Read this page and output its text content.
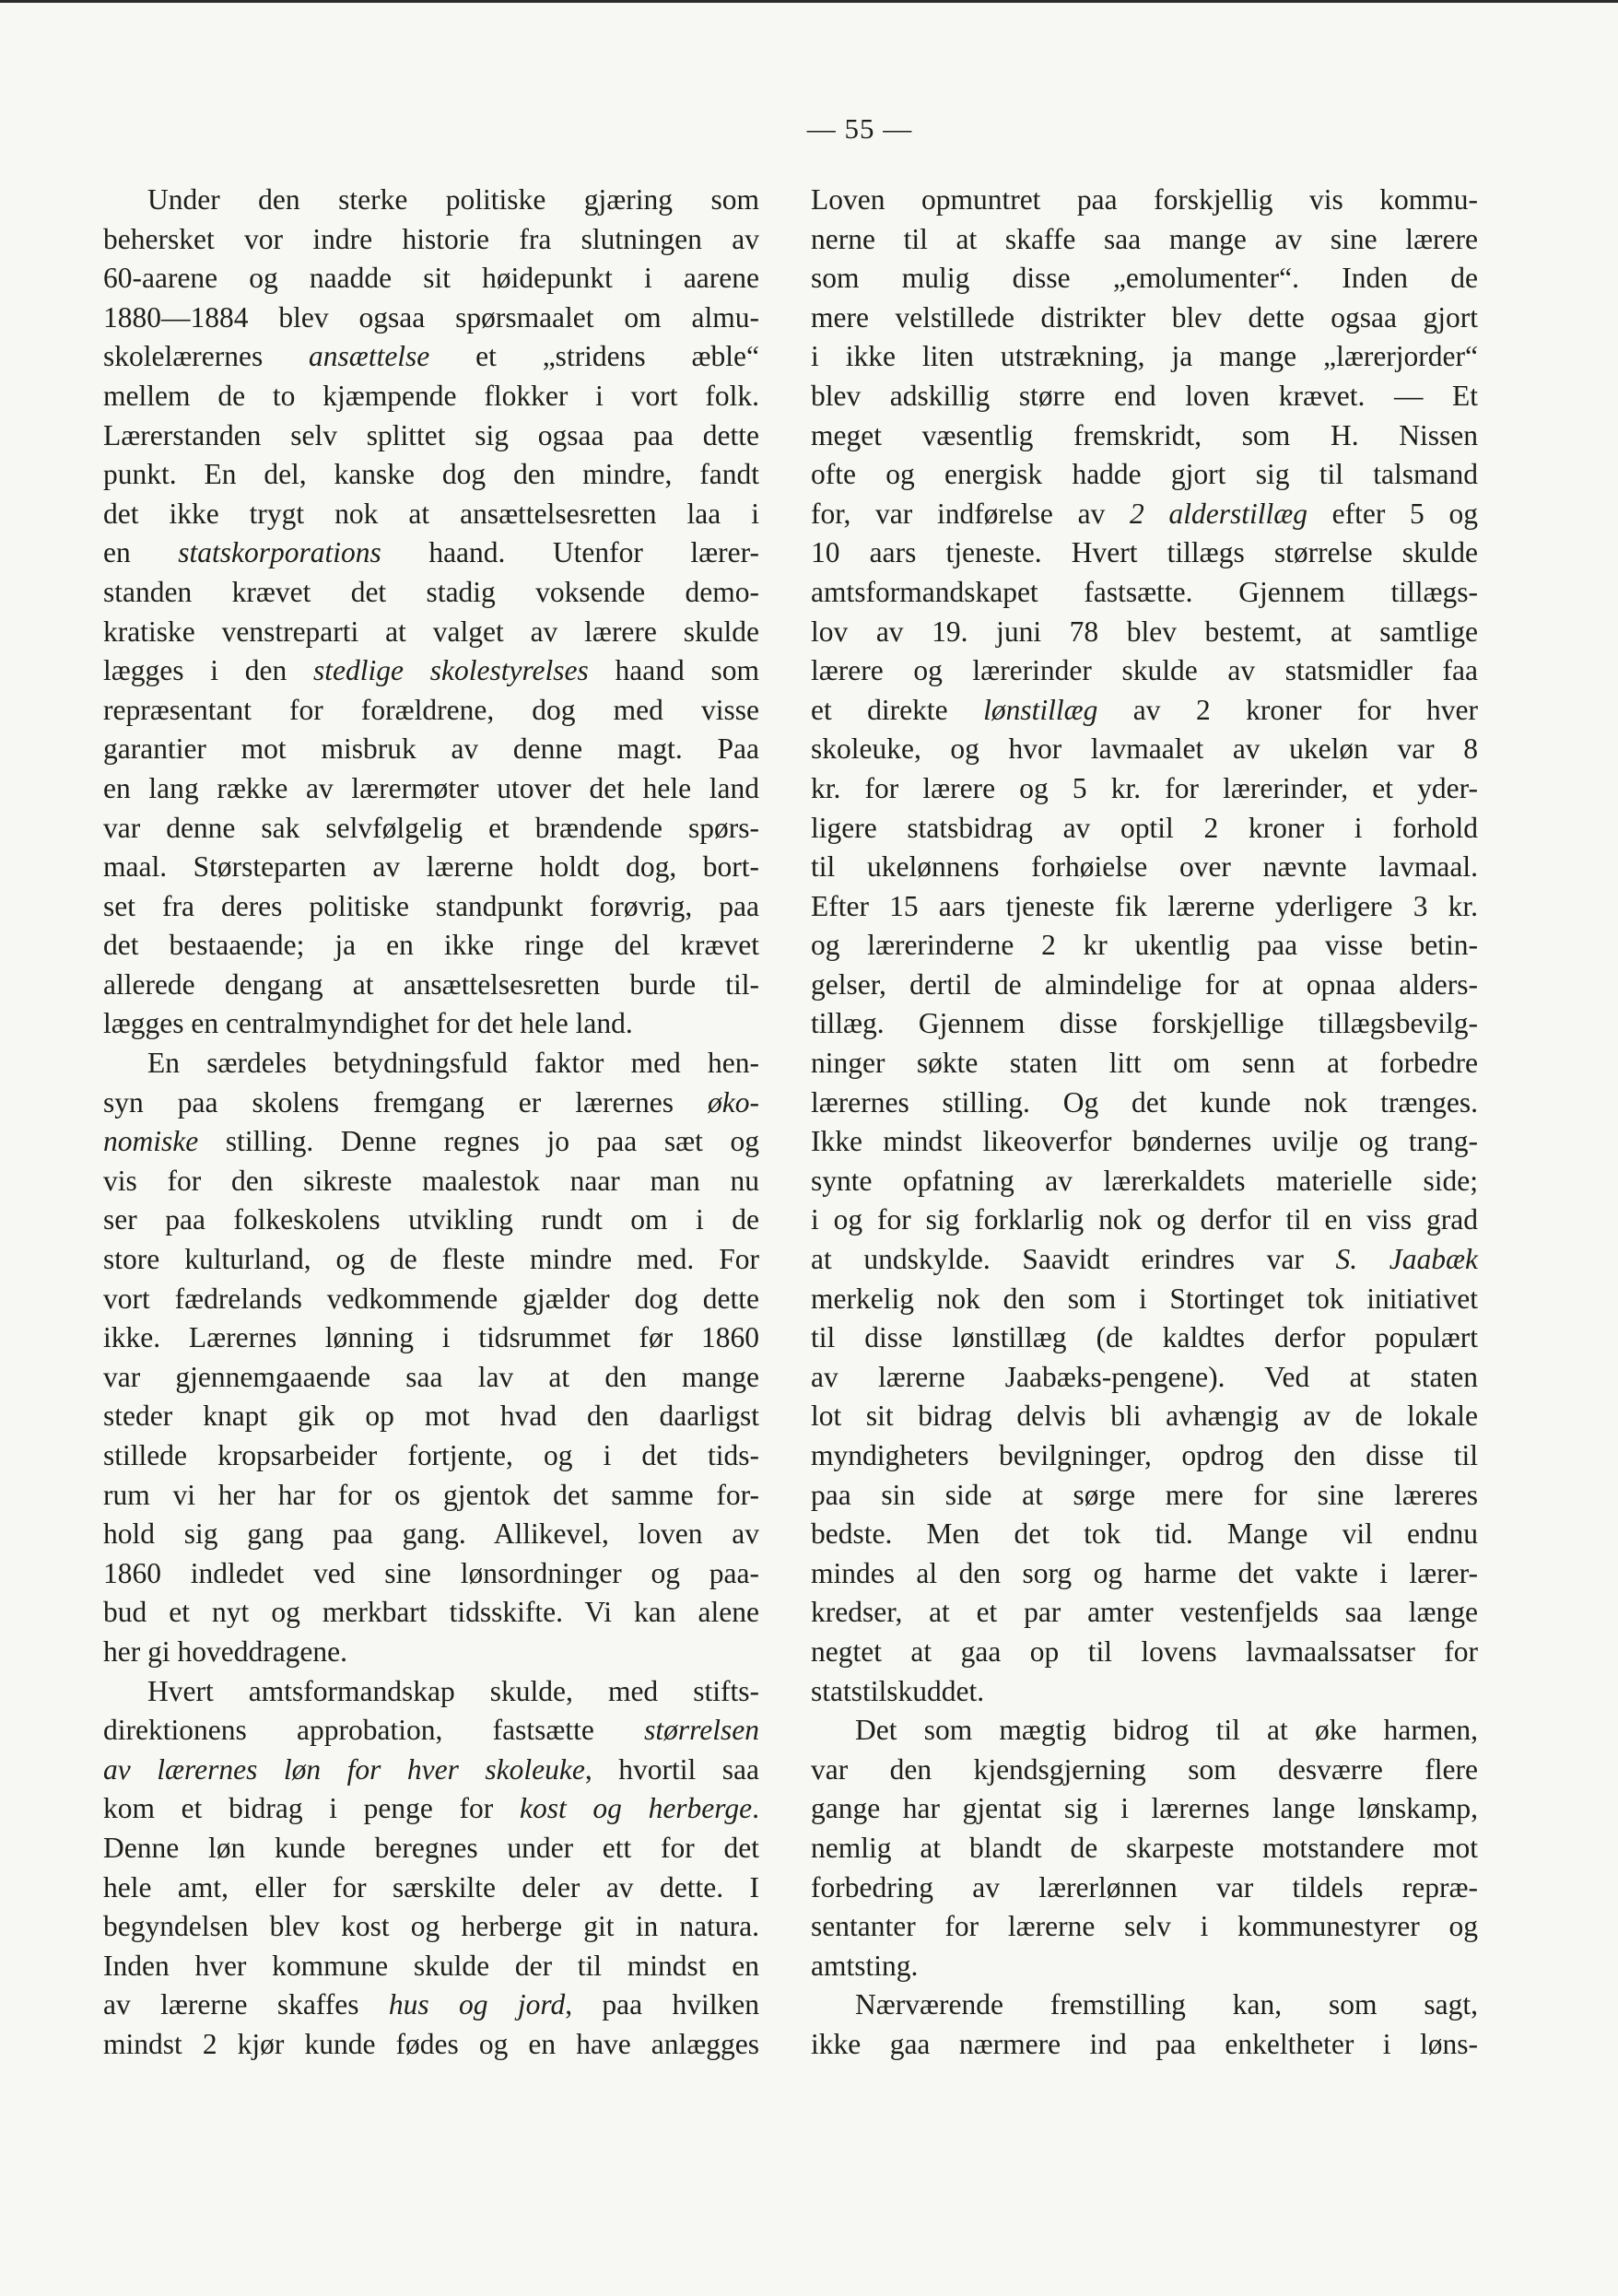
— 55 —
Under den sterke politiske gjæring som
behersket vor indre historie fra slutningen av
60-aarene og naadde sit høidepunkt i aarene
1880—1884 blev ogsaa spørsmaalet om almu-
skolelærernes ansættelse et „stridens æble“
mellem de to kjæmpende flokker i vort folk.
Lærerstanden selv splittet sig ogsaa paa dette
punkt. En del, kanske dog den mindre, fandt
det ikke trygt nok at ansættelsesretten laa i
en statskorporations haand. Utenfor lærer-
standen krævet det stadig voksende demo-
kratiske venstreparti at valget av lærere skulde
lægges i den stedlige skolestyrelses haand som
repræsentant for forældrene, dog med visse
garantier mot misbruk av denne magt. Paa
en lang række av lærermøter utover det hele land
var denne sak selvfølgelig et brændende spørs-
maal. Størsteparten av lærerne holdt dog, bort-
set fra deres politiske standpunkt forøvrig, paa
det bestaaende; ja en ikke ringe del krævet
allerede dengang at ansættelsesretten burde til-
lægges en centralmyndighet for det hele land.
En særdeles betydningsfuld faktor med hen-
syn paa skolens fremgang er lærernes øko-
nomiske stilling. Denne regnes jo paa sæt og
vis for den sikreste maalestok naar man nu
ser paa folkeskolens utvikling rundt om i de
store kulturland, og de fleste mindre med. For
vort fædrelands vedkommende gjælder dog dette
ikke. Lærernes lønning i tidsrummet før 1860
var gjennemgaaende saa lav at den mange
steder knapt gik op mot hvad den daarligst
stillede kropsarbeider fortjente, og i det tids-
rum vi her har for os gjentok det samme for-
hold sig gang paa gang. Allikevel, loven av
1860 indledet ved sine lønsordninger og paa-
bud et nyt og merkbart tidsskifte. Vi kan alene
her gi hoveddragene.
Hvert amtsformandskap skulde, med stifts-
direktionens approbation, fastsætte størrelsen
av lærernes løn for hver skoleuke, hvortil saa
kom et bidrag i penge for kost og herberge.
Denne løn kunde beregnes under ett for det
hele amt, eller for særskilte deler av dette. I
begyndelsen blev kost og herberge git in natura.
Inden hver kommune skulde der til mindst en
av lærerne skaffes hus og jord, paa hvilken
mindst 2 kjør kunde fødes og en have anlægges
Loven opmuntret paa forskjellig vis kommu-
nerne til at skaffe saa mange av sine lærere
som mulig disse „emolumenter“. Inden de
mere velstillede distrikter blev dette ogsaa gjort
i ikke liten utstrækning, ja mange „lærerjorder“
blev adskillig større end loven krævet. — Et
meget væsentlig fremskridt, som H. Nissen
ofte og energisk hadde gjort sig til talsmand
for, var indførelse av 2 alderstillæg efter 5 og
10 aars tjeneste. Hvert tillægs størrelse skulde
amtsformandskapet fastsætte. Gjennem tillægs-
lov av 19. juni 78 blev bestemt, at samtlige
lærere og lærerinder skulde av statsmidler faa
et direkte lønstillæg av 2 kroner for hver
skoleuke, og hvor lavmaalet av ukeløn var 8
kr. for lærere og 5 kr. for lærerinder, et yder-
ligere statsbidrag av optil 2 kroner i forhold
til ukelønnens forhøielse over nævnte lavmaal.
Efter 15 aars tjeneste fik lærerne yderligere 3 kr.
og lærerinderne 2 kr ukentlig paa visse betin-
gelser, dertil de almindelige for at opnaa alders-
tillæg. Gjennem disse forskjellige tillægsbevilg-
ninger søkte staten litt om senn at forbedre
lærernes stilling. Og det kunde nok trænges.
Ikke mindst likeoverfor bøndernes uvilje og trang-
synte opfatning av lærerkaldets materielle side;
i og for sig forklarlig nok og derfor til en viss grad
at undskylde. Saavidt erindres var S. Jaabæk
merkelig nok den som i Stortinget tok initiativet
til disse lønstillæg (de kaldtes derfor populært
av lærerne Jaabæks-pengene). Ved at staten
lot sit bidrag delvis bli avhængig av de lokale
myndigheters bevilgninger, opdrog den disse til
paa sin side at sørge mere for sine læreres
bedste. Men det tok tid. Mange vil endnu
mindes al den sorg og harme det vakte i lærer-
kredser, at et par amter vestenfjelds saa længe
negtet at gaa op til lovens lavmaalssatser for
statstilskuddet.
Det som mægtig bidrog til at øke harmen,
var den kjendsgjerning som desværre flere
gange har gjentat sig i lærernes lange lønskamp,
nemlig at blandt de skarpeste motstandere mot
forbedring av lærerlønnen var tildels repræ-
sentanter for lærerne selv i kommunestyrer og
amtsting.
Nærværende fremstilling kan, som sagt,
ikke gaa nærmere ind paa enkeltheter i løns-
